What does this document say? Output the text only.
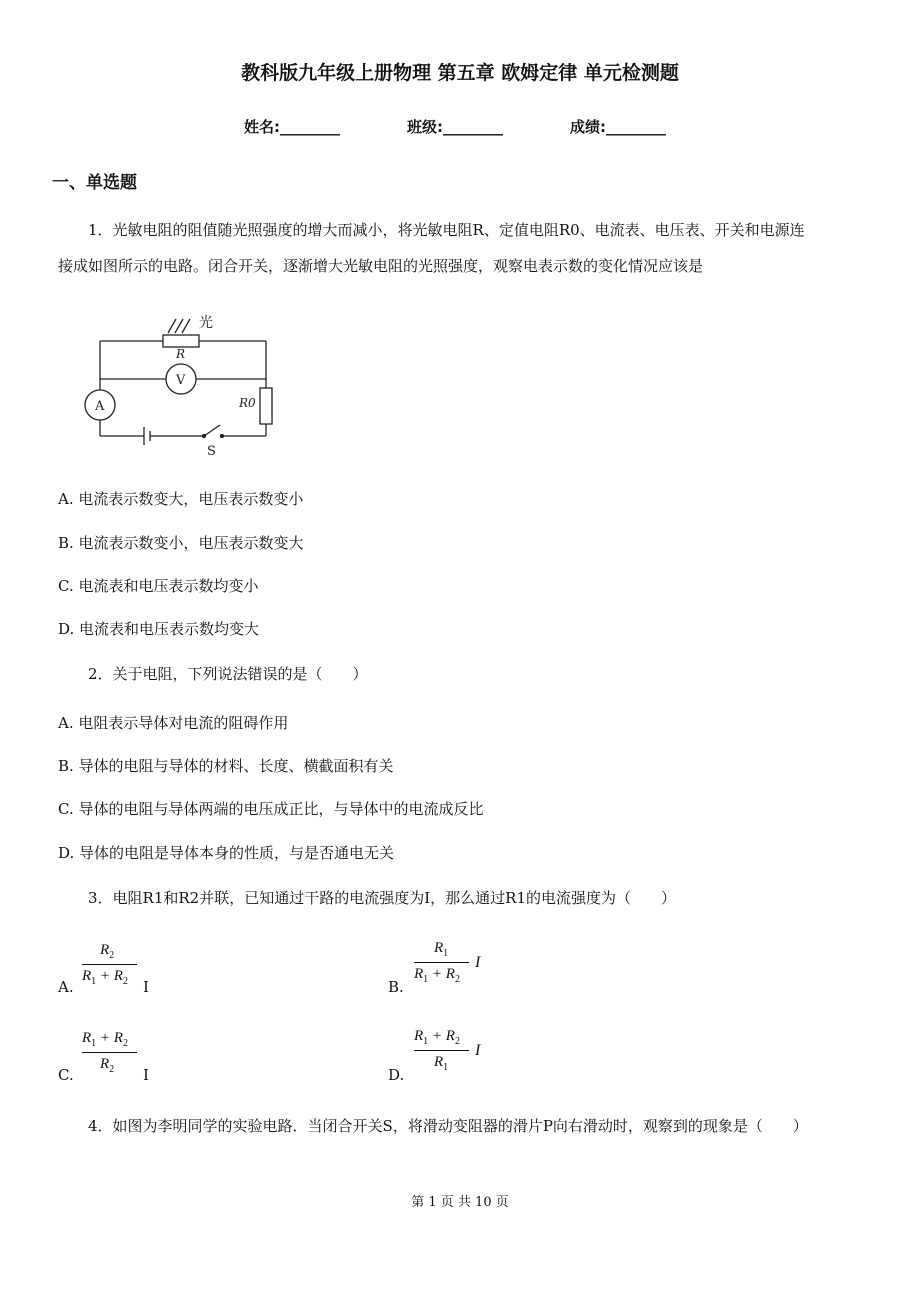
教科版九年级上册物理 第五章 欧姆定律 单元检测题
姓名:________	班级:________	成绩:________
一、单选题
1．光敏电阻的阻值随光照强度的增大而减小，将光敏电阻R、定值电阻R0、电流表、电压表、开关和电源连
接成如图所示的电路。闭合开关，逐渐增大光敏电阻的光照强度，观察电表示数的变化情况应该是
光
R
V
A	R0
S
A. 电流表示数变大，电压表示数变小
B. 电流表示数变小，电压表示数变大
C. 电流表和电压表示数均变小
D. 电流表和电压表示数均变大
2．关于电阻，下列说法错误的是（　　）
A. 电阻表示导体对电流的阻碍作用
B. 导体的电阻与导体的材料、长度、横截面积有关
C. 导体的电阻与导体两端的电压成正比，与导体中的电流成反比
D. 导体的电阻是导体本身的性质，与是否通电无关
3．电阻R1和R2并联，已知通过干路的电流强度为I，那么通过R1的电流强度为（　　）
A.
$R_2$
$R_1 + R_2$ I	B.
$R_1$
$R_1 + R_2$
I
C.
$R_1 + R_2$
$R_2$ I	D.
$R_1 + R_2$
$R_1$
I
4．如图为李明同学的实验电路．当闭合开关S，将滑动变阻器的滑片P向右滑动时，观察到的现象是（　　）
第 1 页 共 10 页
